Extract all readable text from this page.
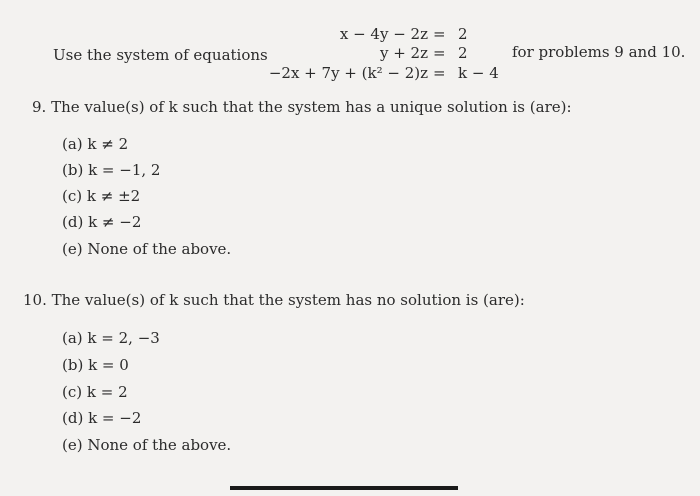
Use the system of equations	for problems 9 and 10.
x − 4y − 2z = 2
y + 2z = 2
−2x + 7y + (k² − 2)z = k − 4
9. The value(s) of k such that the system has a unique solution is (are):
(a) k ≠ 2
(b) k = −1, 2
(c) k ≠ ±2
(d) k ≠ −2
(e) None of the above.
10. The value(s) of k such that the system has no solution is (are):
(a) k = 2, −3
(b) k = 0
(c) k = 2
(d) k = −2
(e) None of the above.
